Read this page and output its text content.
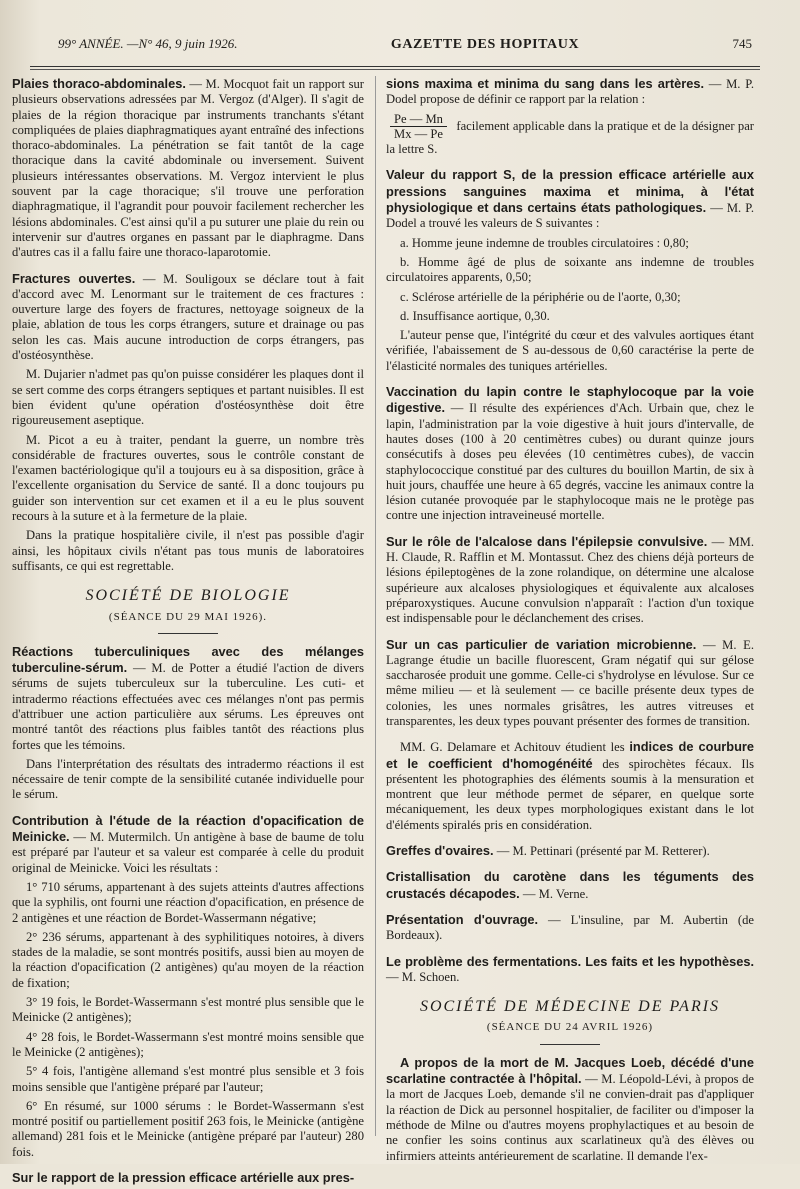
99° ANNÉE. —N° 46, 9 juin 1926.	GAZETTE DES HOPITAUX	745

Plaies thoraco-abdominales. — M. Mocquot fait un rapport sur plusieurs observations adressées par M. Vergoz (d'Alger). Il s'agit de plaies de la région thoracique par instruments tranchants s'étant compliquées de plaies diaphragmatiques ayant entraîné des infections thoraco-abdominales. La pénétration se fait tantôt de la cage thoracique dans la cavité abdominale ou inversement. Suivent plusieurs intéressantes observations. M. Vergoz intervient le plus souvent par la cage thoracique; s'il trouve une perforation diaphragmatique, il l'agrandit pour pouvoir facilement rechercher les lésions abdominales. C'est ainsi qu'il a pu suturer une plaie du rein ou intervenir sur d'autres organes en passant par le diaphragme. Dans d'autres cas il a fallu faire une thoraco-laparotomie.

Fractures ouvertes. — M. Souligoux se déclare tout à fait d'accord avec M. Lenormant sur le traitement de ces fractures : ouverture large des foyers de fractures, nettoyage soigneux de la plaie, ablation de tous les corps étrangers, suture et drainage ou pas selon les cas. Mais aucune introduction de corps étrangers, pas d'ostéosynthèse.

M. Dujarier n'admet pas qu'on puisse considérer les plaques dont il se sert comme des corps étrangers septiques et partant nuisibles. Il est bien évident qu'une opération d'ostéosynthèse doit être rigoureusement aseptique.

M. Picot a eu à traiter, pendant la guerre, un nombre très considérable de fractures ouvertes, sous le contrôle constant de l'examen bactériologique qu'il a toujours eu à sa disposition, grâce à l'excellente organisation du Service de santé. Il a donc toujours pu guider son intervention sur cet examen et il a eu le plus souvent recours à la suture et à la fermeture de la plaie.

Dans la pratique hospitalière civile, il n'est pas possible d'agir ainsi, les hôpitaux civils n'étant pas tous munis de laboratoires suffisants, ce qui est regrettable.

SOCIÉTÉ DE BIOLOGIE
(SÉANCE DU 29 MAI 1926).

Réactions tuberculiniques avec des mélanges tuberculine-sérum. — M. de Potter a étudié l'action de divers sérums de sujets tuberculeux sur la tuberculine. Les cuti- et intradermo réactions effectuées avec ces mélanges n'ont pas permis d'attribuer une action particulière aux sérums. Les épreuves ont montré tantôt des réactions plus faibles tantôt des réactions plus fortes que les témoins.

Dans l'interprétation des résultats des intradermo réactions il est nécessaire de tenir compte de la sensibilité cutanée individuelle pour le sérum.

Contribution à l'étude de la réaction d'opacification de Meinicke. — M. Mutermilch. Un antigène à base de baume de tolu est préparé par l'auteur et sa valeur est comparée à celle du produit original de Meinicke. Voici les résultats :

1° 710 sérums, appartenant à des sujets atteints d'autres affections que la syphilis, ont fourni une réaction d'opacification, en présence de 2 antigènes et une réaction de Bordet-Wassermann négative;

2° 236 sérums, appartenant à des syphilitiques notoires, à divers stades de la maladie, se sont montrés positifs, aussi bien au moyen de la réaction d'opacification (2 antigènes) qu'au moyen de la réaction de fixation;

3° 19 fois, le Bordet-Wassermann s'est montré plus sensible que le Meinicke (2 antigènes);

4° 28 fois, le Bordet-Wassermann s'est montré moins sensible que le Meinicke (2 antigènes);

5° 4 fois, l'antigène allemand s'est montré plus sensible et 3 fois moins sensible que l'antigène préparé par l'auteur;

6° En résumé, sur 1000 sérums : le Bordet-Wassermann s'est montré positif ou partiellement positif 263 fois, le Meinicke (antigène allemand) 281 fois et le Meinicke (antigène préparé par l'auteur) 280 fois.

Sur le rapport de la pression efficace artérielle aux pres-

sions maxima et minima du sang dans les artères. — M. P. Dodel propose de définir ce rapport par la relation :

$\frac{Pe — Mn}{Mx — Pe}$ facilement applicable dans la pratique et de la désigner par la lettre S.

Valeur du rapport S, de la pression efficace artérielle aux pressions sanguines maxima et minima, à l'état physiologique et dans certains états pathologiques. — M. P. Dodel a trouvé les valeurs de S suivantes :

a. Homme jeune indemne de troubles circulatoires : 0,80;

b. Homme âgé de plus de soixante ans indemne de troubles circulatoires apparents, 0,50;

c. Sclérose artérielle de la périphérie ou de l'aorte, 0,30;

d. Insuffisance aortique, 0,30.

L'auteur pense que, l'intégrité du cœur et des valvules aortiques étant vérifiée, l'abaissement de S au-dessous de 0,60 caractérise la perte de l'élasticité normales des tuniques artérielles.

Vaccination du lapin contre le staphylocoque par la voie digestive. — Il résulte des expériences d'Ach. Urbain que, chez le lapin, l'administration par la voie digestive à huit jours d'intervalle, de hautes doses (100 à 20 centimètres cubes) ou durant quinze jours consécutifs à doses peu élevées (10 centimètres cubes), de vaccin staphylococcique constitué par des cultures du bouillon Martin, de six à huit jours, chauffée une heure à 65 degrés, vaccine les animaux contre la lésion cutanée provoquée par le staphylocoque mais ne le protège pas contre une injection intraveineusé mortelle.

Sur le rôle de l'alcalose dans l'épilepsie convulsive. — MM. H. Claude, R. Rafflin et M. Montassut. Chez des chiens déjà porteurs de lésions épileptogènes de la zone rolandique, on détermine une alcalose supérieure aux alcaloses physiologiques et équivalente aux alcaloses préparoxystiques. Aucune convulsion n'apparaît : l'action d'un toxique est indispensable pour le déclanchement des crises.

Sur un cas particulier de variation microbienne. — M. E. Lagrange étudie un bacille fluorescent, Gram négatif qui sur gélose saccharosée produit une gomme. Celle-ci s'hydrolyse en lévulose. Sur ce même milieu — et là seulement — ce bacille présente deux types de colonies, les unes normales grisâtres, les autres vitreuses et transparentes, les deux types pouvant présenter des formes de transition.

MM. G. Delamare et Achitouv étudient les indices de courbure et le coefficient d'homogénéité des spirochètes fécaux. Ils présentent les photographies des éléments soumis à la mensuration et montrent que leur méthode permet de séparer, en quelque sorte mécaniquement, les deux types morphologiques existant dans le lot d'éléments spiralés pris en considération.

Greffes d'ovaires. — M. Pettinari (présenté par M. Retterer).

Cristallisation du carotène dans les téguments des crustacés décapodes. — M. Verne.

Présentation d'ouvrage. — L'insuline, par M. Aubertin (de Bordeaux).

Le problème des fermentations. Les faits et les hypothèses. — M. Schoen.

SOCIÉTÉ DE MÉDECINE DE PARIS
(SÉANCE DU 24 AVRIL 1926)

A propos de la mort de M. Jacques Loeb, décédé d'une scarlatine contractée à l'hôpital. — M. Léopold-Lévi, à propos de la mort de Jacques Loeb, demande s'il ne convien-drait pas d'appliquer la réaction de Dick au personnel hospitalier, de faciliter ou d'imposer la méthode de Milne ou d'autres moyens prophylactiques et au besoin de ne confier les soins continus aux scarlatineux qu'à des élèves ou infirmiers atteints antérieurement de scarlatine. Il demande l'ex-
